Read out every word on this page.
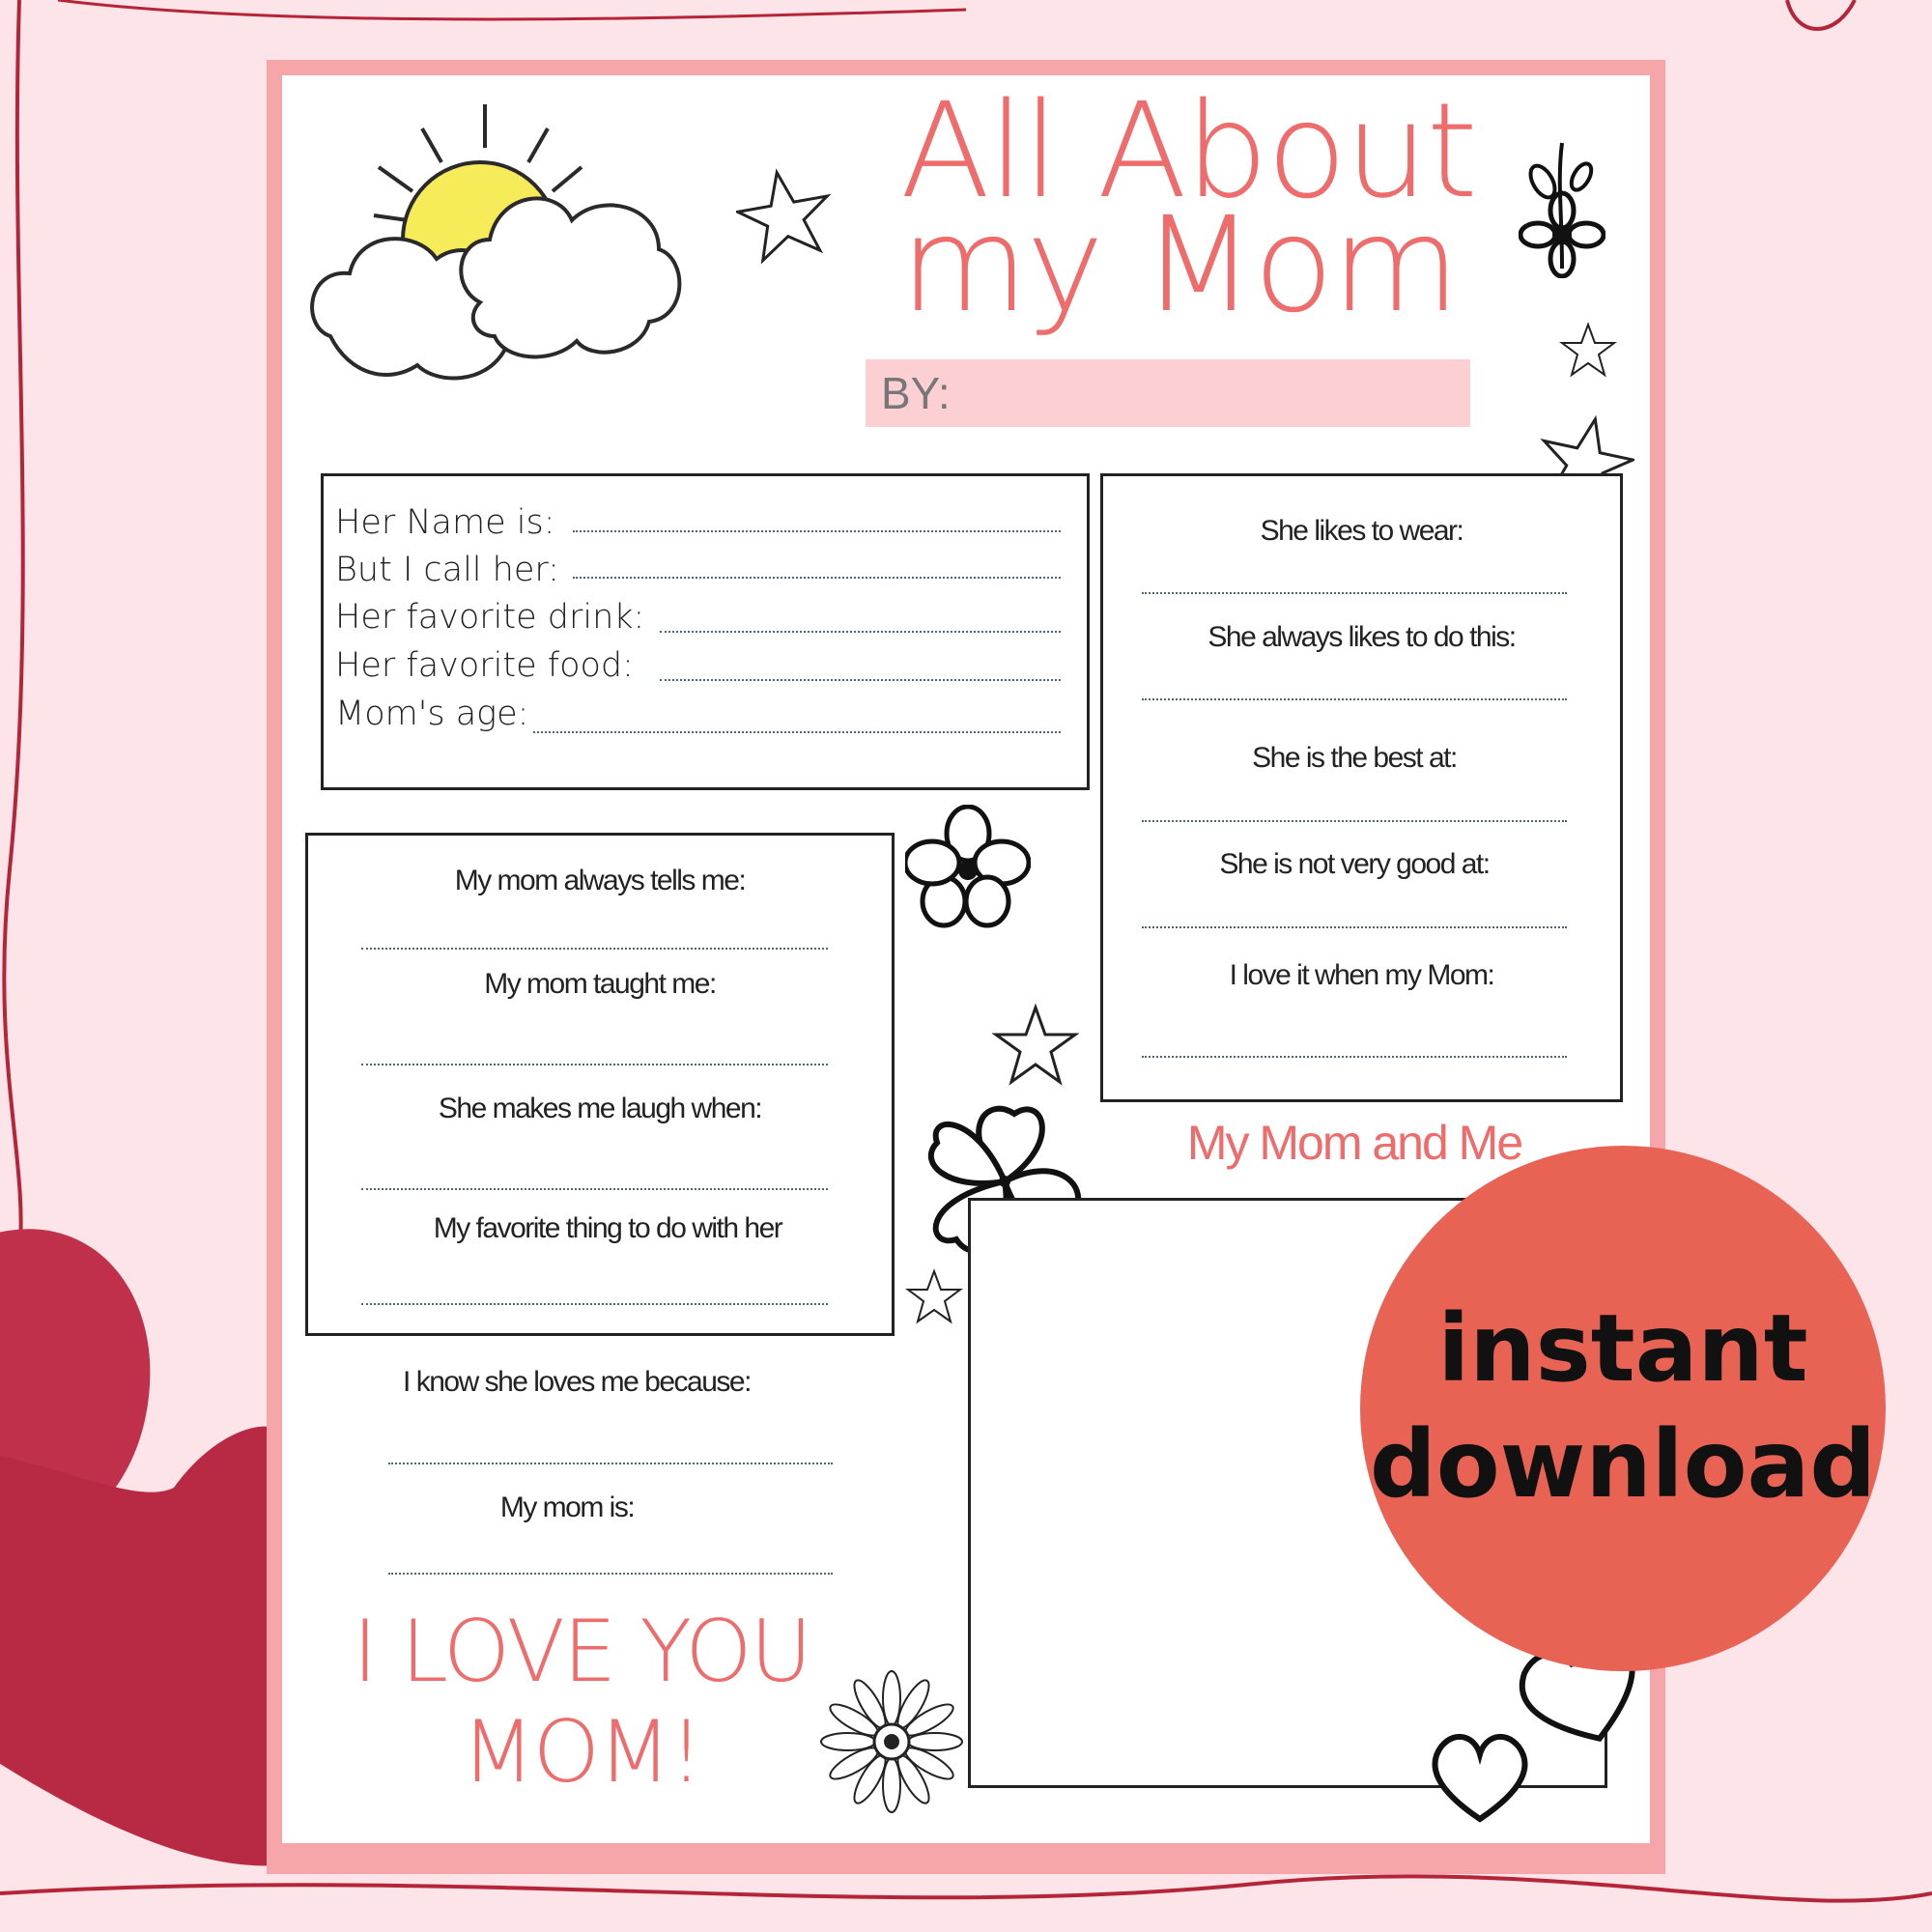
All About
my Mom
BY:
Her Name is:
But I call her:
Her favorite drink:
Her favorite food:
Mom's age:
She likes to wear:
She always likes to do this:
She is the best at:
She is not very good at:
I love it when my Mom:
My mom always tells me:
My mom taught me:
She makes me laugh when:
My favorite thing to do with her
I know she loves me because:
My mom is:
I LOVE YOU
MOM!
My Mom and Me
instant
download
